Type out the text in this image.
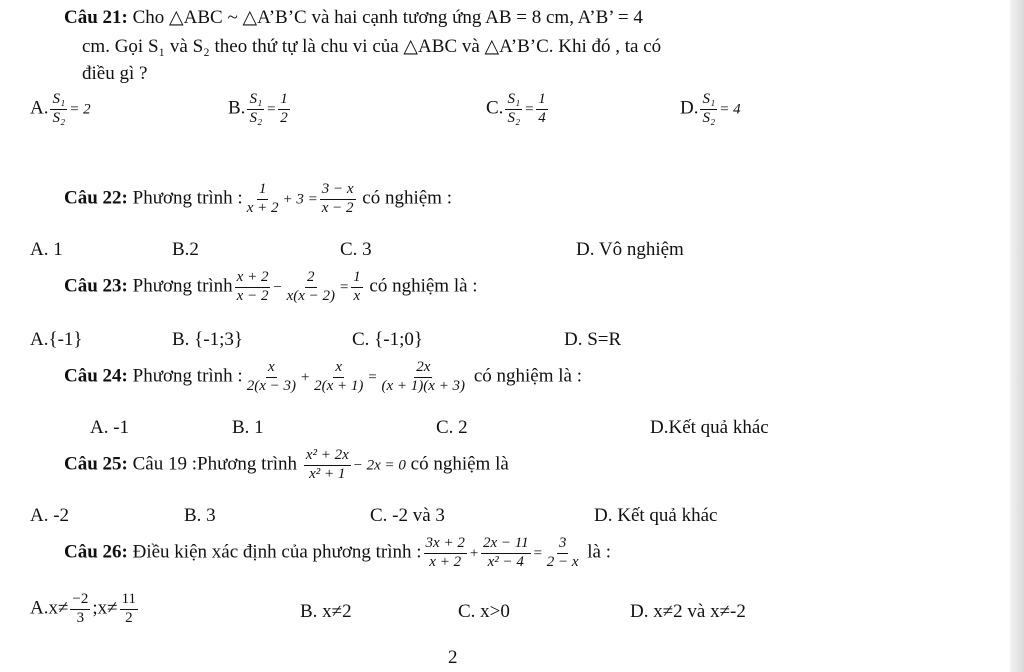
Câu 21: Cho △ABC ~ △A’B’C và hai cạnh tương ứng AB = 8 cm, A’B’ = 4
cm. Gọi S₁ và S₂ theo thứ tự là chu vi của △ABC và △A’B’C. Khi đó , ta có
điều gì ?
A. $\frac{\text{S₁}}{\text{S₂}} = 2$	B. $\frac{\text{S₁}}{\text{S₂}} = \frac{1}{2}$	C. $\frac{\text{S₁}}{\text{S₂}} = \frac{1}{4}$	D. $\frac{\text{S₁}}{\text{S₂}} = 4$
Câu 22: Phương trình : $\frac{1}{x + 2} + 3 = \frac{3 - x}{x - 2}$ có nghiệm :
A. 1	B.2	C. 3	D. Vô nghiệm
Câu 23: Phương trình $\frac{x + 2}{x - 2} - \frac{2}{x(x - 2)} = \frac{1}{x}$ có nghiệm là :
A.{-1}	B. {-1;3}	C. {-1;0}	D. S=R
Câu 24: Phương trình : $\frac{x}{2(x - 3)} + \frac{x}{2(x + 1)} = \frac{2x}{(x + 1)(x + 3)}$ có nghiệm là :
A. -1	B. 1	C. 2	D.Kết quả khác
Câu 25: Câu 19 :Phương trình $\frac{\text{x² + 2x}}{\text{x² + 1}} - 2x = 0$ có nghiệm là
A. -2	B. 3	C. -2 và 3	D. Kết quả khác
Câu 26: Điều kiện xác định của phương trình : $\frac{3x + 2}{x + 2} + \frac{2x - 11}{\text{x² − 4}} = \frac{3}{2 - x}$ là :
$A.x\ne \frac{-2}{3}$ ;x≠ $\frac{11}{2}$	B. x≠2	C. x>0	D. x≠2 và x≠-2
2
